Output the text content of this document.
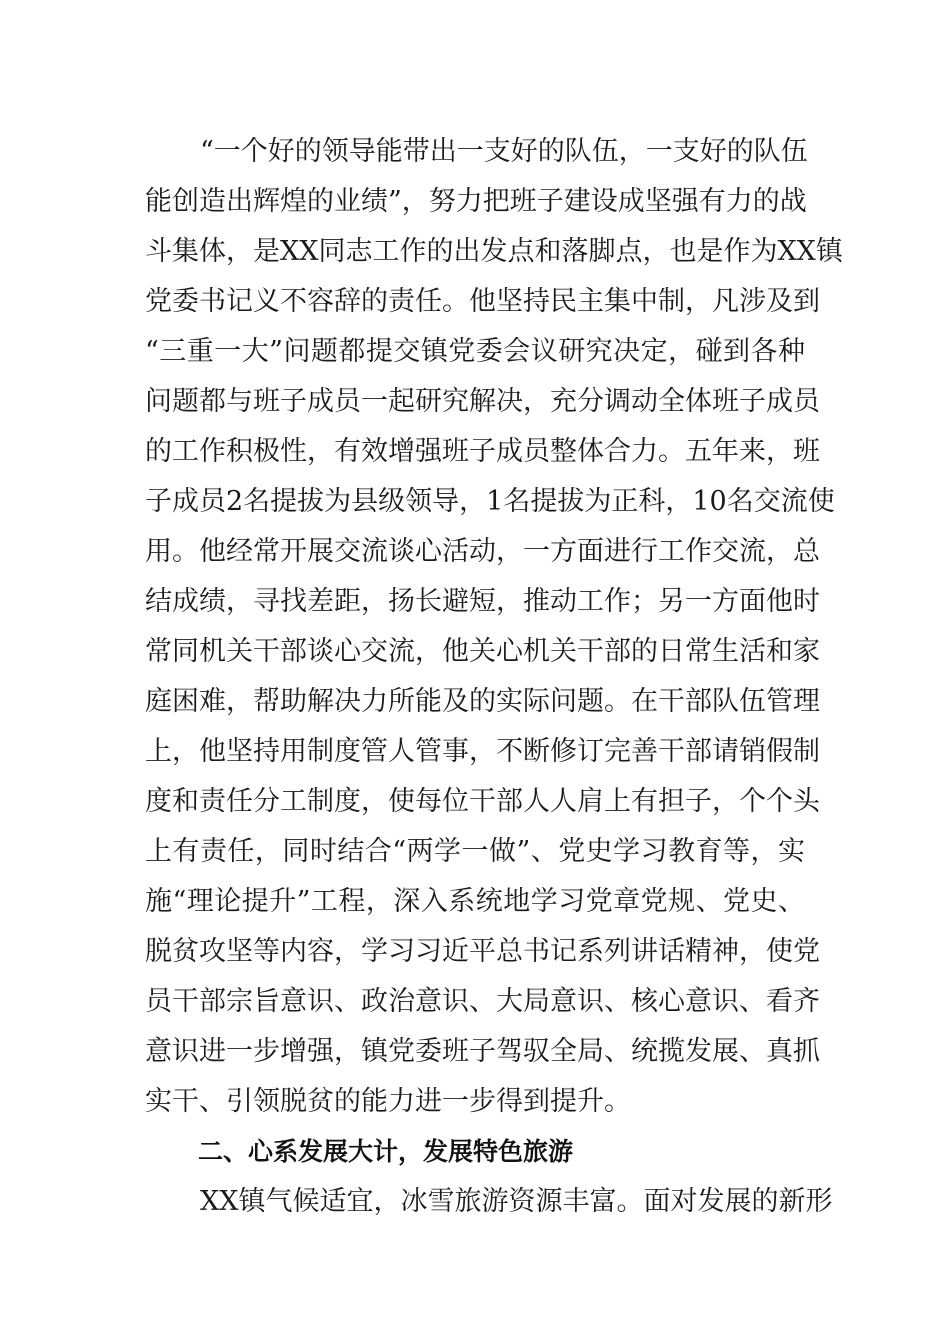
“一个好的领导能带出一支好的队伍，一支好的队伍
能创造出辉煌的业绩”，努力把班子建设成坚强有力的战
斗集体，是XX同志工作的出发点和落脚点，也是作为XX镇
党委书记义不容辞的责任。他坚持民主集中制，凡涉及到
“三重一大”问题都提交镇党委会议研究决定，碰到各种
问题都与班子成员一起研究解决，充分调动全体班子成员
的工作积极性，有效增强班子成员整体合力。五年来，班
子成员2名提拔为县级领导，1名提拔为正科，10名交流使
用。他经常开展交流谈心活动，一方面进行工作交流，总
结成绩，寻找差距，扬长避短，推动工作；另一方面他时
常同机关干部谈心交流，他关心机关干部的日常生活和家
庭困难，帮助解决力所能及的实际问题。在干部队伍管理
上，他坚持用制度管人管事，不断修订完善干部请销假制
度和责任分工制度，使每位干部人人肩上有担子，个个头
上有责任，同时结合“两学一做”、党史学习教育等，实
施“理论提升”工程，深入系统地学习党章党规、党史、
脱贫攻坚等内容，学习习近平总书记系列讲话精神，使党
员干部宗旨意识、政治意识、大局意识、核心意识、看齐
意识进一步增强，镇党委班子驾驭全局、统揽发展、真抓
实干、引领脱贫的能力进一步得到提升。
二、心系发展大计，发展特色旅游
XX镇气候适宜，冰雪旅游资源丰富。面对发展的新形
